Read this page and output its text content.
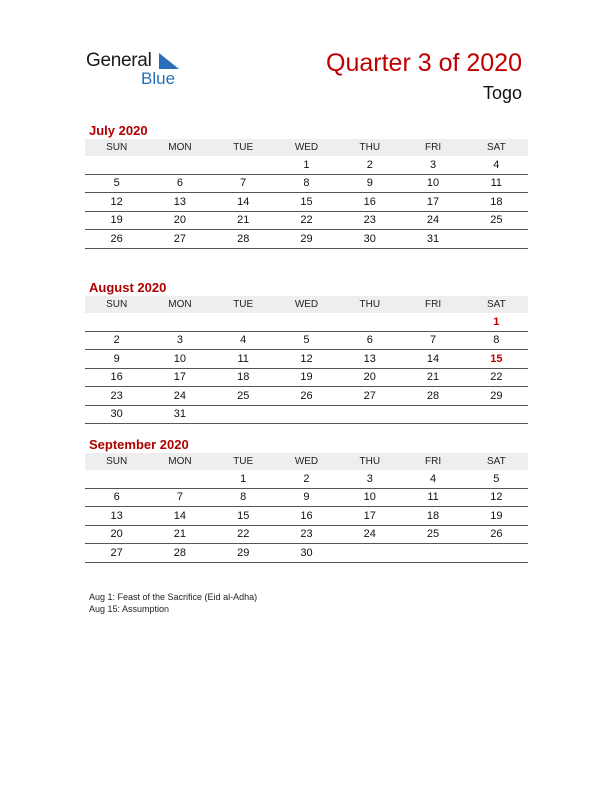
General
Blue
Quarter 3 of 2020
Togo
July 2020
SUN	MON	TUE	WED	THU	FRI	SAT
			1	2	3	4
5	6	7	8	9	10	11
12	13	14	15	16	17	18
19	20	21	22	23	24	25
26	27	28	29	30	31	
August 2020
SUN	MON	TUE	WED	THU	FRI	SAT
						1
2	3	4	5	6	7	8
9	10	11	12	13	14	15
16	17	18	19	20	21	22
23	24	25	26	27	28	29
30	31					
September 2020
SUN	MON	TUE	WED	THU	FRI	SAT
		1	2	3	4	5
6	7	8	9	10	11	12
13	14	15	16	17	18	19
20	21	22	23	24	25	26
27	28	29	30			
Aug 1: Feast of the Sacrifice (Eid al-Adha)
Aug 15: Assumption
